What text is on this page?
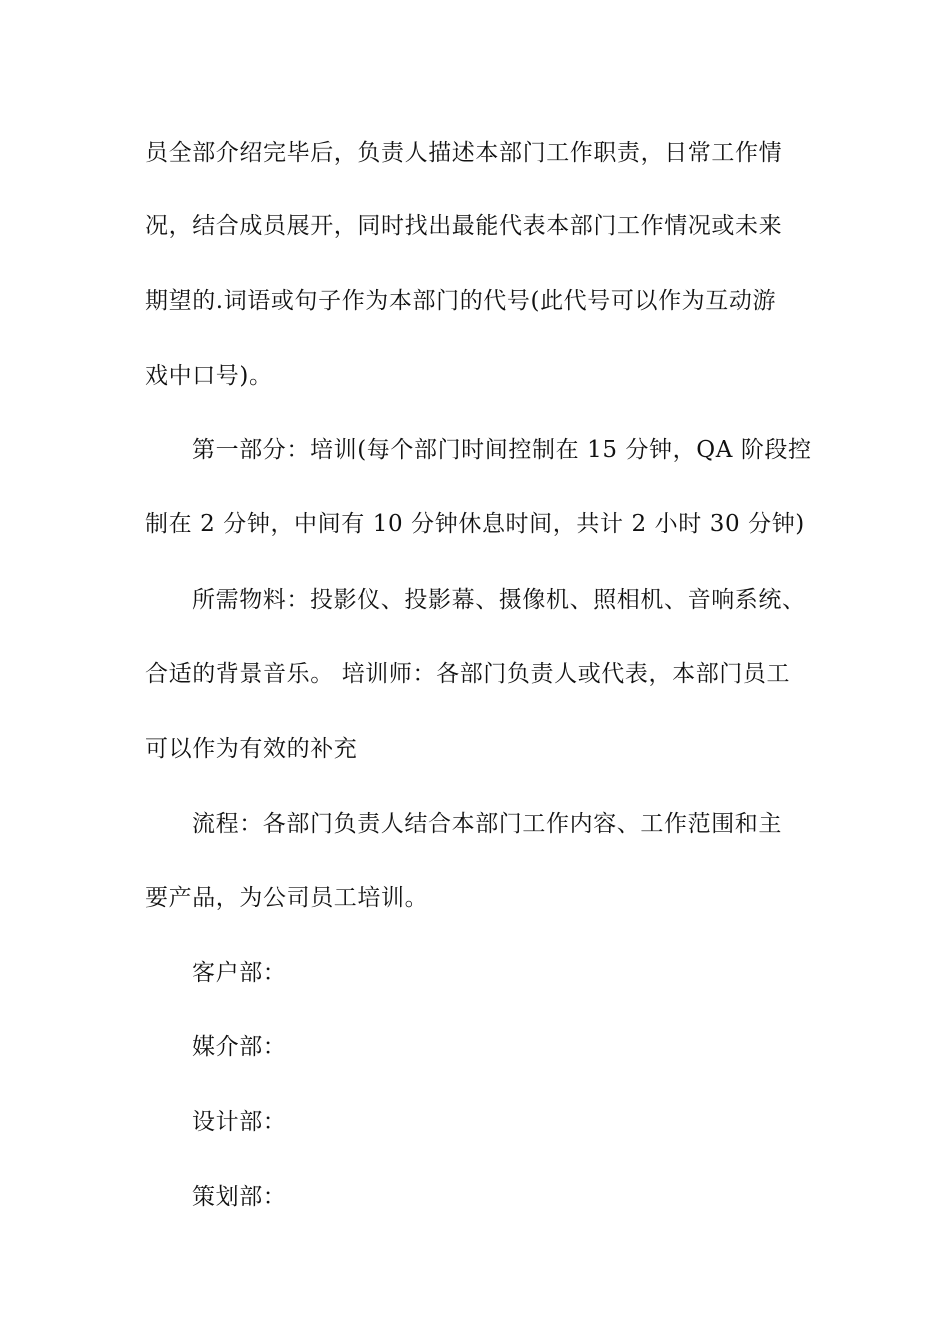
员全部介绍完毕后，负责人描述本部门工作职责，日常工作情
况，结合成员展开，同时找出最能代表本部门工作情况或未来
期望的.词语或句子作为本部门的代号(此代号可以作为互动游
戏中口号)。
第一部分：培训(每个部门时间控制在 15 分钟，QA 阶段控
制在 2 分钟，中间有 10 分钟休息时间，共计 2 小时 30 分钟)
所需物料：投影仪、投影幕、摄像机、照相机、音响系统、
合适的背景音乐。 培训师：各部门负责人或代表，本部门员工
可以作为有效的补充
流程：各部门负责人结合本部门工作内容、工作范围和主
要产品，为公司员工培训。
客户部：
媒介部：
设计部：
策划部：
